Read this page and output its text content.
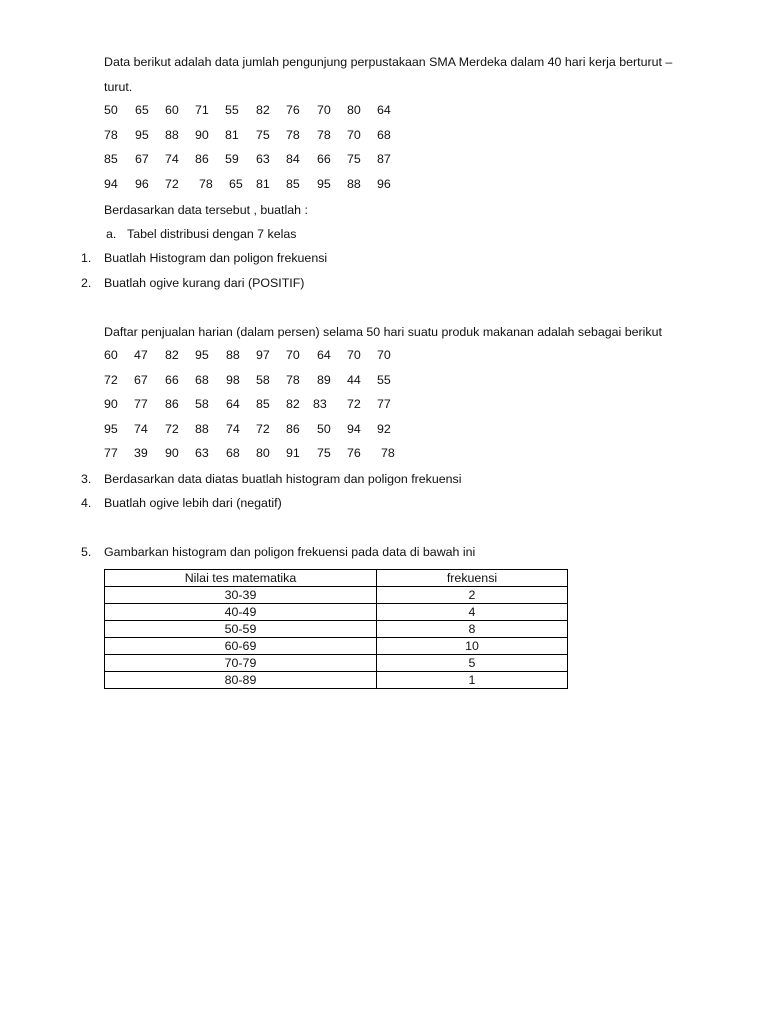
Data berikut adalah data jumlah pengunjung perpustakaan SMA Merdeka dalam 40 hari kerja berturut –
turut.
50	65	60	71	55	82	76	70	80	64
78	95	88	90	81	75	78	78	70	68
85	67	74	86	59	63	84	66	75	87
94	96	72	78	65	81	85	95	88	96
Berdasarkan data tersebut , buatlah :
a. Tabel distribusi dengan 7 kelas
1. Buatlah Histogram dan poligon frekuensi
2. Buatlah ogive kurang dari (POSITIF)
Daftar penjualan harian (dalam persen) selama 50 hari suatu produk makanan adalah sebagai berikut
60	47	82	95	88	97	70	64	70	70
72	67	66	68	98	58	78	89	44	55
90	77	86	58	64	85	82	83	72	77
95	74	72	88	74	72	86	50	94	92
77	39	90	63	68	80	91	75	76	78
3. Berdasarkan data diatas buatlah histogram dan poligon frekuensi
4. Buatlah ogive lebih dari (negatif)
5. Gambarkan histogram dan poligon frekuensi pada data di bawah ini
Nilai tes matematika	frekuensi
30-39	2
40-49	4
50-59	8
60-69	10
70-79	5
80-89	1
